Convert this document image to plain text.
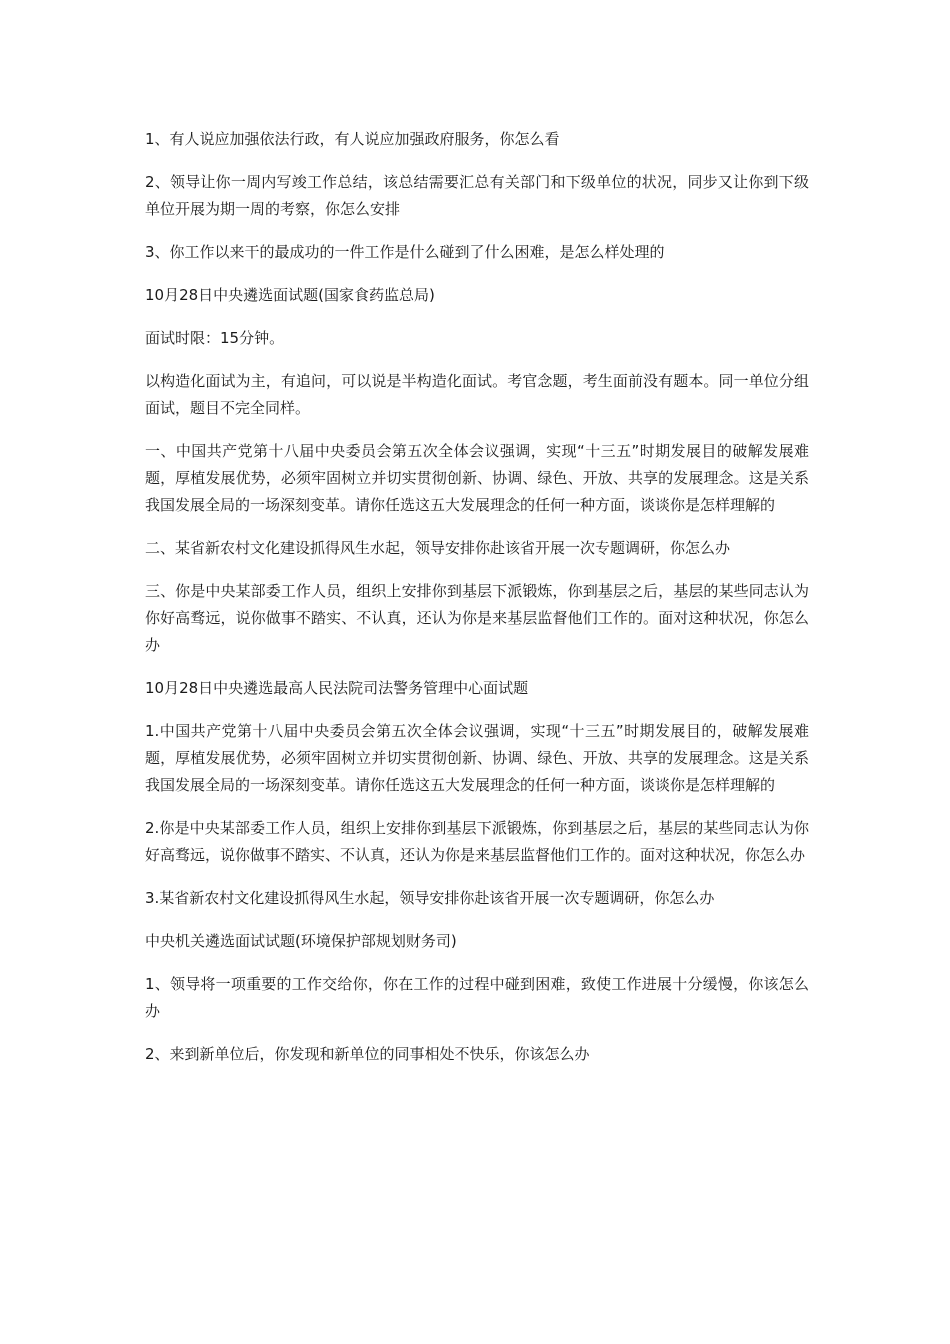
1、有人说应加强依法行政，有人说应加强政府服务，你怎么看

2、领导让你一周内写竣工作总结，该总结需要汇总有关部门和下级单位的状况，同步又让你到下级单位开展为期一周的考察，你怎么安排

3、你工作以来干的最成功的一件工作是什么碰到了什么困难，是怎么样处理的

10月28日中央遴选面试题(国家食药监总局)

面试时限：15分钟。

以构造化面试为主，有追问，可以说是半构造化面试。考官念题，考生面前没有题本。同一单位分组面试，题目不完全同样。

一、中国共产党第十八届中央委员会第五次全体会议强调，实现“十三五”时期发展目的破解发展难题，厚植发展优势，必须牢固树立并切实贯彻创新、协调、绿色、开放、共享的发展理念。这是关系我国发展全局的一场深刻变革。请你任选这五大发展理念的任何一种方面，谈谈你是怎样理解的

二、某省新农村文化建设抓得风生水起，领导安排你赴该省开展一次专题调研，你怎么办

三、你是中央某部委工作人员，组织上安排你到基层下派锻炼，你到基层之后，基层的某些同志认为你好高骛远，说你做事不踏实、不认真，还认为你是来基层监督他们工作的。面对这种状况，你怎么办

10月28日中央遴选最高人民法院司法警务管理中心面试题

1.中国共产党第十八届中央委员会第五次全体会议强调，实现“十三五”时期发展目的，破解发展难题，厚植发展优势，必须牢固树立并切实贯彻创新、协调、绿色、开放、共享的发展理念。这是关系我国发展全局的一场深刻变革。请你任选这五大发展理念的任何一种方面，谈谈你是怎样理解的

2.你是中央某部委工作人员，组织上安排你到基层下派锻炼，你到基层之后，基层的某些同志认为你好高骛远，说你做事不踏实、不认真，还认为你是来基层监督他们工作的。面对这种状况，你怎么办

3.某省新农村文化建设抓得风生水起，领导安排你赴该省开展一次专题调研，你怎么办

中央机关遴选面试试题(环境保护部规划财务司)

1、领导将一项重要的工作交给你，你在工作的过程中碰到困难，致使工作进展十分缓慢，你该怎么办

2、来到新单位后，你发现和新单位的同事相处不快乐，你该怎么办
